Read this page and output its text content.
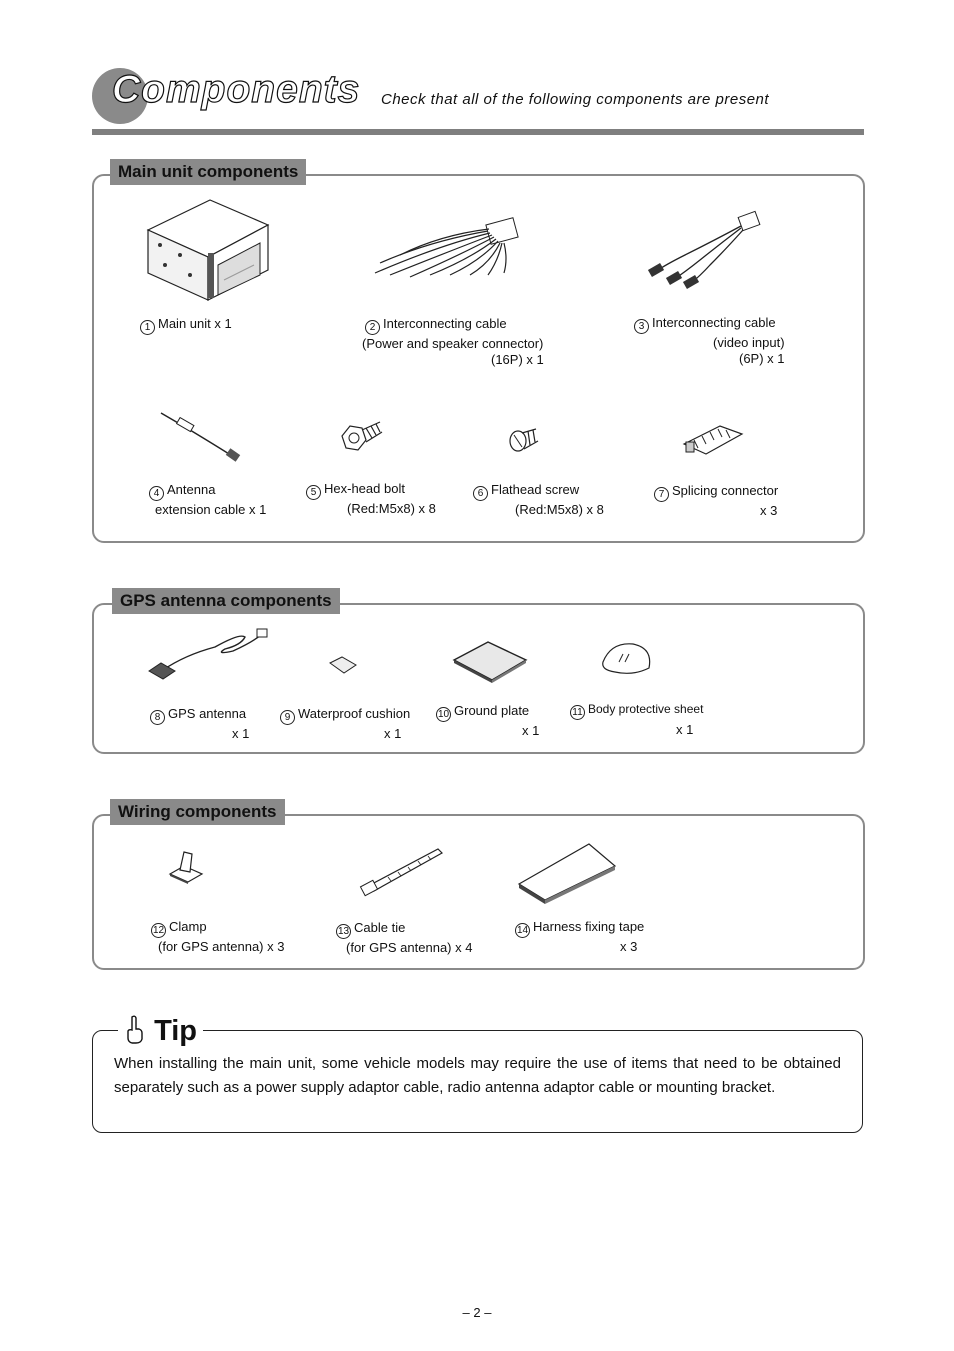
Components Check that all of the following components are present
Main unit components
1 Main unit x 1	2 Interconnecting cable
(Power and speaker connector)
(16P) x 1
3 Interconnecting cable
(video input)
(6P) x 1
4 Antenna
extension cable x 1
5 Hex-head bolt
(Red:M5x8) x 8
6 Flathead screw
(Red:M5x8) x 8
7 Splicing connector
x 3
GPS antenna components
8 GPS antenna
x 1
9 Waterproof cushion
x 1
10 Ground plate
x 1
11 Body protective sheet
x 1
Wiring components
12 Clamp
(for GPS antenna) x 3
13 Cable tie
(for GPS antenna) x 4
14 Harness fixing tape
x 3
Tip
When installing the main unit, some vehicle models may require the use of items that need to be obtained separately such as a power supply adaptor cable, radio antenna adaptor cable or mounting bracket.
– 2 –
